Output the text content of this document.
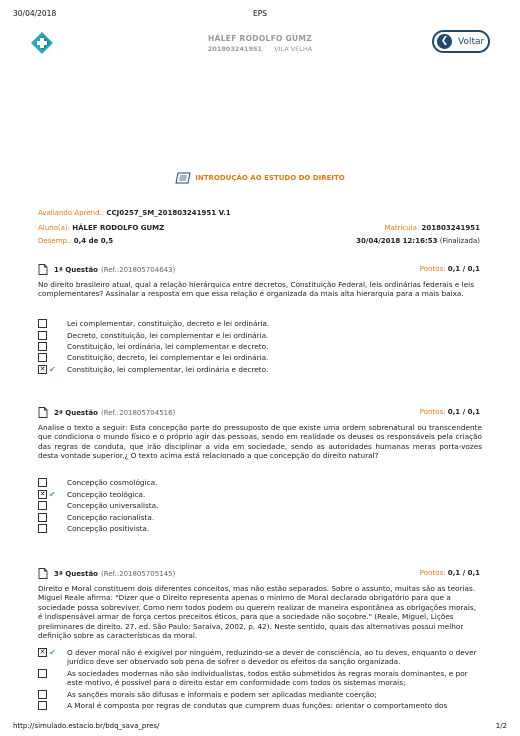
30/04/2018	EPS
HÁLEF RODOLFO GUMZ
201803241951 VILA VELHA
❮	Voltar
INTRODUÇÃO AO ESTUDO DO DIREITO
Avaliando Aprend.: CCJ0257_SM_201803241951 V.1
Aluno(a): HÁLEF RODOLFO GUMZ	Matrícula: 201803241951
Desemp.: 0,4 de 0,5	30/04/2018 12:16:53 (Finalizada)
1ª Questão (Ref.:201805704643)	Pontos: 0,1 / 0,1
No direito brasileiro atual, qual a relação hierárquica entre decretos, Constituição Federal, leis ordinárias federais e leis complementares? Assinalar a resposta em que essa relação é organizada da mais alta hierarquia para a mais baixa.
Lei complementar, constituição, decreto e lei ordinária.
Decreto, constituição, lei complementar e lei ordinária.
Constituição, lei ordinária, lei complementar e decreto.
Constituição, decreto, lei complementar e lei ordinária.
✕ ✔	Constituição, lei complementar, lei ordinária e decreto.
2ª Questão (Ref.:201805704516)	Pontos: 0,1 / 0,1
Analise o texto a seguir: Esta concepção parte do pressuposto de que existe uma ordem sobrenatural ou transcendente que condiciona o mundo físico e o próprio agir das pessoas, sendo em realidade os deuses os responsáveis pela criação das regras de conduta, que irão disciplinar a vida em sociedade, sendo as autoridades humanas meras porta-vozes desta vontade superior.¿ O texto acima está relacionado a que concepção do direito natural?
Concepção cosmológica.
✕ ✔	Concepção teológica.
Concepção universalista.
Concepção racionalista.
Concepção positivista.
3ª Questão (Ref.:201805705145)	Pontos: 0,1 / 0,1
Direito e Moral constituem dois diferentes conceitos, mas não estão separados. Sobre o assunto, muitas são as teorias. Miguel Reale afirma: "Dizer que o Direito representa apenas o mínimo de Moral declarado obrigatório para que a sociedade possa sobreviver. Como nem todos podem ou querem realizar de maneira espontânea as obrigações morais, é indispensável armar de força certos preceitos éticos, para que a sociedade não soçobre." (Reale, Miguel, Lições preliminares de direito. 27. ed. São Paulo: Saraiva, 2002, p. 42). Neste sentido, quais das alternativas possui melhor definição sobre as características da moral.
✕ ✔	O dever moral não é exigível por ninguém, reduzindo-se a dever de consciência, ao tu deves, enquanto o dever jurídico deve ser observado sob pena de sofrer o devedor os efeitos da sanção organizada.
As sociedades modernas não são individualistas, todos estão submetidos às regras morais dominantes, e por este motivo, é possível para o direito estar em conformidade com todos os sistemas morais;
As sanções morais são difusas e informais e podem ser aplicadas mediante coerção;
A Moral é composta por regras de condutas que cumprem duas funções: orientar o comportamento dos
http://simulado.estacio.br/bdq_sava_pres/	1/2
